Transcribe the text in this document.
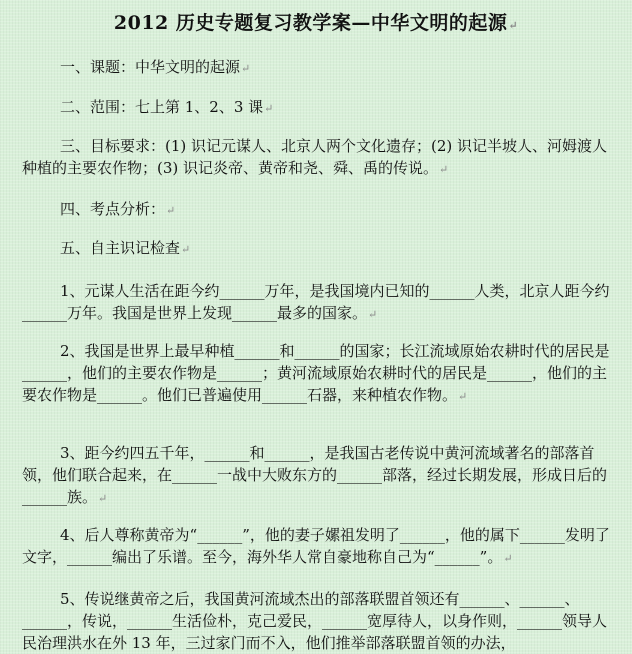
2012 历史专题复习教学案—中华文明的起源↵
一、课题：中华文明的起源↵
二、范围：七上第 1、2、3 课↵
三、目标要求：(1) 识记元谋人、北京人两个文化遗存；(2) 识记半坡人、河姆渡人种植的主要农作物；(3) 识记炎帝、黄帝和尧、舜、禹的传说。↵
四、考点分析：↵
五、自主识记检查↵
1、元谋人生活在距今约______万年，是我国境内已知的______人类，北京人距今约______万年。我国是世界上发现______最多的国家。↵
2、我国是世界上最早种植______和______的国家；长江流域原始农耕时代的居民是______，他们的主要农作物是______；黄河流域原始农耕时代的居民是______，他们的主要农作物是______。他们已普遍使用______石器，来种植农作物。↵
3、距今约四五千年，______和______，是我国古老传说中黄河流域著名的部落首领，他们联合起来，在______一战中大败东方的______部落，经过长期发展，形成日后的______族。↵
4、后人尊称黄帝为“______”，他的妻子嫘祖发明了______，他的属下______发明了文字，______编出了乐谱。至今，海外华人常自豪地称自己为“______”。↵
5、传说继黄帝之后，我国黄河流域杰出的部落联盟首领还有______、______、______，传说，______生活俭朴，克己爱民，______宽厚待人，以身作则，______领导人民治理洪水在外 13 年，三过家门而不入，他们推举部落联盟首领的办法，
